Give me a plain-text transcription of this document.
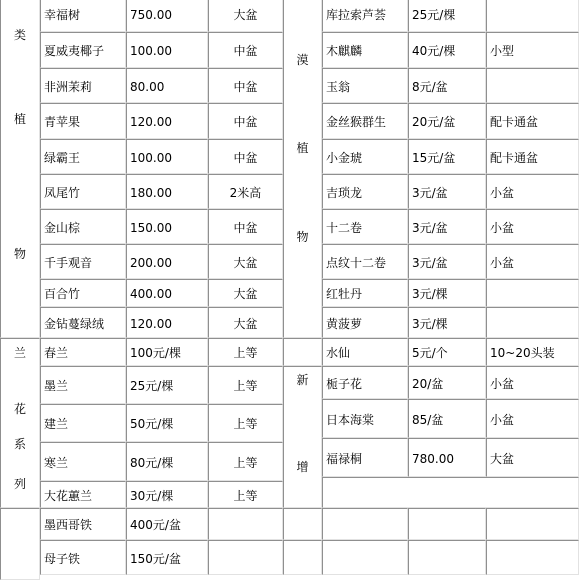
类
植
物
漠
植
物
幸福树	750.00	大盆
夏威夷椰子 100.00	中盆
非洲茉莉	80.00	中盆
青苹果	120.00	中盆
绿霸王	100.00	中盆
凤尾竹	180.00	2米高
金山棕	150.00	中盆
千手观音	200.00	大盆
百合竹	400.00	大盆
金钻蔓绿绒 120.00	大盆
库拉索芦荟 25元/棵
木麒麟	40元/棵	小型
玉翁	8元/盆
金丝猴群生 20元/盆	配卡通盆
小金琥	15元/盆	配卡通盆
吉琐龙	3元/盆	小盆
十二卷	3元/盆	小盆
点纹十二卷 3元/盆	小盆
红牡丹	3元/棵
黄菠萝	3元/棵
兰
花
系
列
春兰	100元/棵	上等
墨兰	25元/棵	上等
建兰	50元/棵	上等
寒兰	80元/棵	上等
大花蕙兰	30元/棵	上等
水仙	5元/个	10~20头装
新
增
栀子花	20/盆	小盆
日本海棠	85/盆	小盆
福禄桐	780.00	大盆
墨西哥铁	400元/盆
母子铁	150元/盆
